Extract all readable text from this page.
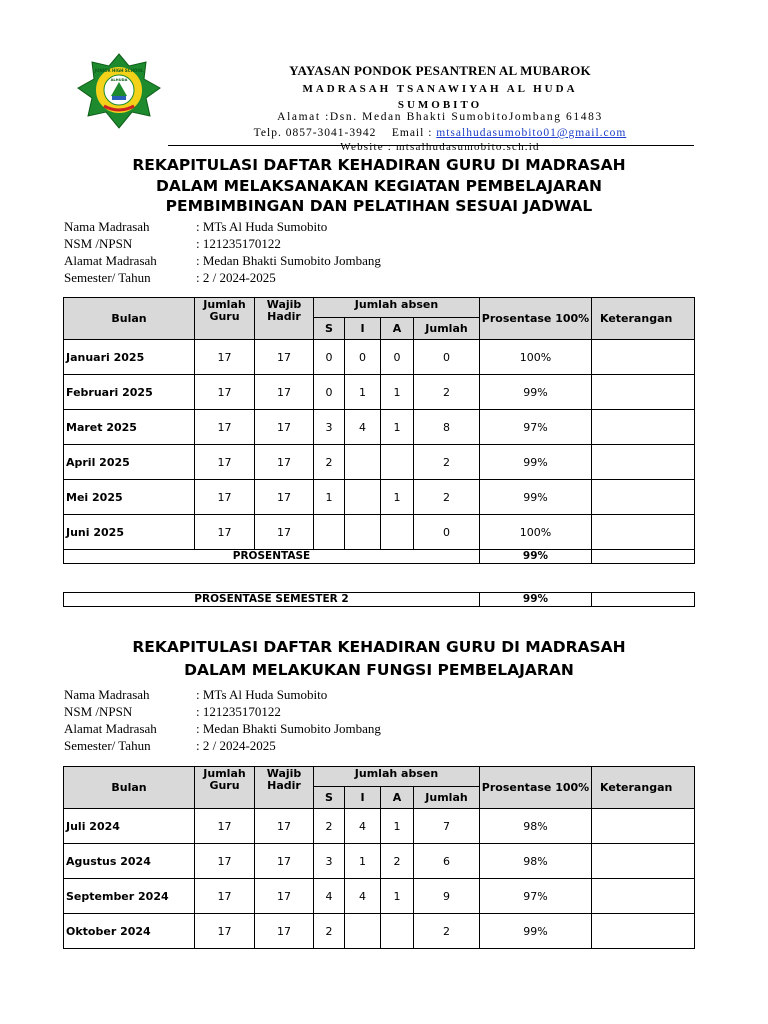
JUNIOR HIGH SCHOOL
ALHUDA
YAYASAN PONDOK PESANTREN AL MUBAROK
MADRASAH TSANAWIYAH AL HUDA
SUMOBITO
Alamat :Dsn. Medan Bhakti SumobitoJombang 61483
Telp. 0857-3041-3942 Email : mtsalhudasumobito01@gmail.com
Website : mtsalhudasumobito.sch.id
REKAPITULASI DAFTAR KEHADIRAN GURU DI MADRASAH
DALAM MELAKSANAKAN KEGIATAN PEMBELAJARAN
PEMBIMBINGAN DAN PELATIHAN SESUAI JADWAL
Nama Madrasah	: MTs Al Huda Sumobito
NSM /NPSN	: 121235170122
Alamat Madrasah	: Medan Bhakti Sumobito Jombang
Semester/ Tahun	: 2 / 2024-2025
Bulan	Jumlah Guru	Wajib Hadir	Jumlah absen				Prosentase 100%	Keterangan
			S	I	A	Jumlah		
Januari 2025	17	17	0	0	0	0	100%	
Februari 2025	17	17	0	1	1	2	99%	
Maret 2025	17	17	3	4	1	8	97%	
April 2025	17	17	2			2	99%	
Mei 2025	17	17	1		1	2	99%	
Juni 2025	17	17				0	100%	
PROSENTASE							99%	
PROSENTASE SEMESTER 2	99%	
REKAPITULASI DAFTAR KEHADIRAN GURU DI MADRASAH
DALAM MELAKUKAN FUNGSI PEMBELAJARAN
Nama Madrasah	: MTs Al Huda Sumobito
NSM /NPSN	: 121235170122
Alamat Madrasah	: Medan Bhakti Sumobito Jombang
Semester/ Tahun	: 2 / 2024-2025
Bulan	Jumlah Guru	Wajib Hadir	Jumlah absen				Prosentase 100%	Keterangan
			S	I	A	Jumlah		
Juli 2024	17	17	2	4	1	7	98%	
Agustus 2024	17	17	3	1	2	6	98%	
September 2024	17	17	4	4	1	9	97%	
Oktober 2024	17	17	2			2	99%	
